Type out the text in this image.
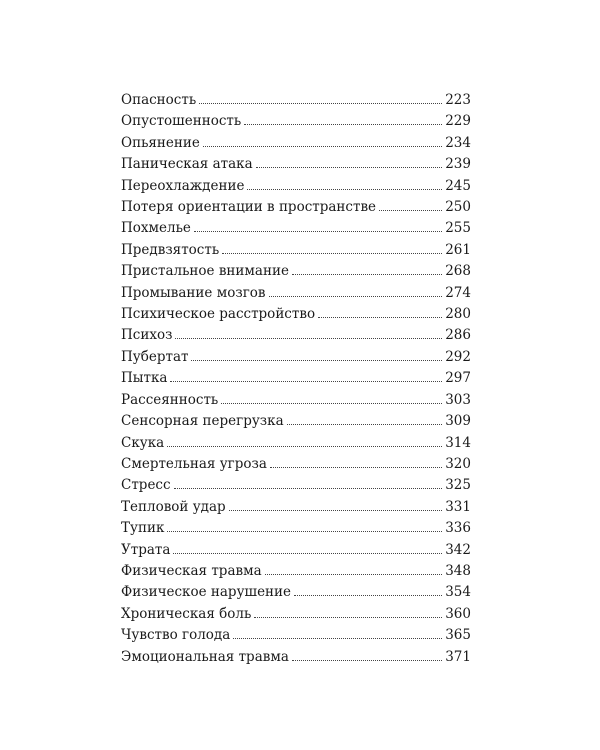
Опасность	223
Опустошенность	229
Опьянение	234
Паническая атака	239
Переохлаждение	245
Потеря ориентации в пространстве	250
Похмелье	255
Предвзятость	261
Пристальное внимание	268
Промывание мозгов	274
Психическое расстройство	280
Психоз	286
Пубертат	292
Пытка	297
Рассеянность	303
Сенсорная перегрузка	309
Скука	314
Смертельная угроза	320
Стресс	325
Тепловой удар	331
Тупик	336
Утрата	342
Физическая травма	348
Физическое нарушение	354
Хроническая боль	360
Чувство голода	365
Эмоциональная травма	371
